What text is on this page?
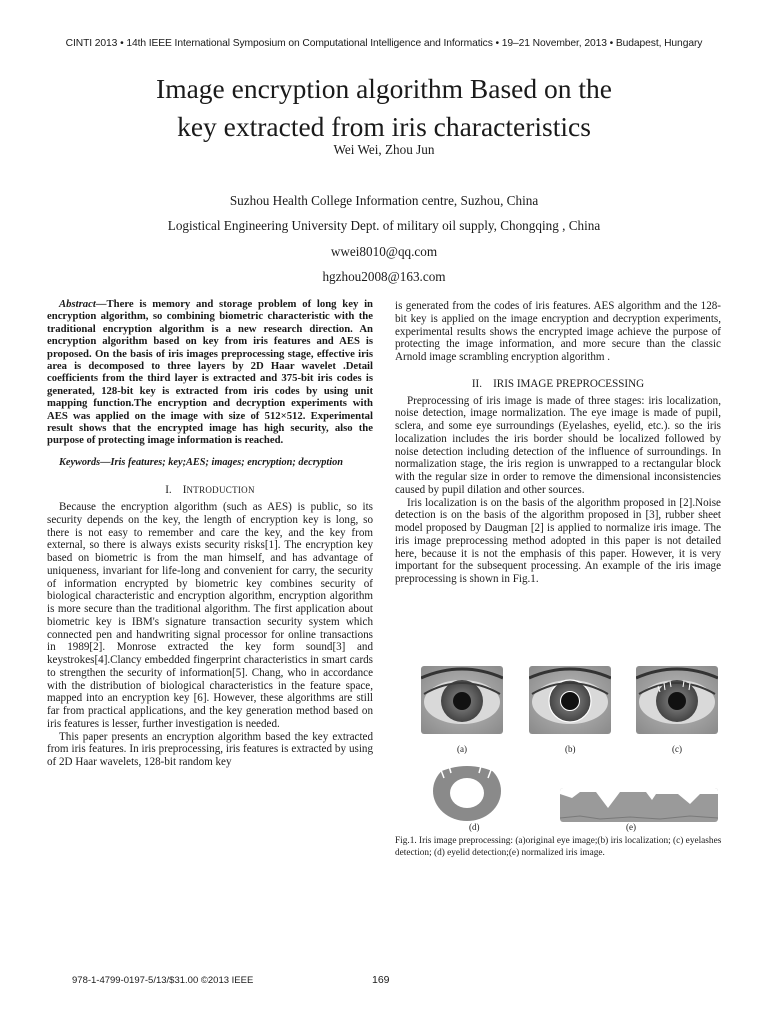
CINTI 2013 • 14th IEEE International Symposium on Computational Intelligence and Informatics • 19–21 November, 2013 • Budapest, Hungary
Image encryption algorithm Based on the
key extracted from iris characteristics
Wei Wei, Zhou Jun
Suzhou Health College Information centre, Suzhou, China
Logistical Engineering University Dept. of military oil supply, Chongqing , China
wwei8010@qq.com
hgzhou2008@163.com

Abstract—There is memory and storage problem of long key in encryption algorithm, so combining biometric characteristic with the traditional encryption algorithm is a new research direction. An encryption algorithm based on key from iris features and AES is proposed. On the basis of iris images preprocessing stage, effective iris area is decomposed to three layers by 2D Haar wavelet .Detail coefficients from the third layer is extracted and 375-bit iris codes is generated, 128-bit key is extracted from iris codes by using unit mapping function.The encryption and decryption experiments with AES was applied on the image with size of 512×512. Experimental result shows that the encrypted image has high security, also the purpose of protecting image information is reached.

Keywords—Iris features; key;AES; images; encryption; decryption

I. INTRODUCTION

Because the encryption algorithm (such as AES) is public, so its security depends on the key, the length of encryption key is long, so there is not easy to remember and care the key, and the key from external, so there is always exists security risks[1]. The encryption key based on biometric is from the man himself, and has advantage of uniqueness, invariant for life-long and convenient for carry, the security of information encrypted by biometric key combines security of biological characteristic and encryption algorithm, encryption algorithm is more secure than the traditional algorithm. The first application about biometric key is IBM's signature transaction security system which connected pen and handwriting signal processor for online transactions in 1989[2]. Monrose extracted the key form sound[3] and keystrokes[4].Clancy embedded fingerprint characteristics in smart cards to strengthen the security of information[5]. Chang, who in accordance with the distribution of biological characteristics in the feature space, mapped into an encryption key [6]. However, these algorithms are still far from practical applications, and the key generation method based on iris features is lesser, further investigation is needed.

This paper presents an encryption algorithm based the key extracted from iris features. In iris preprocessing, iris features is extracted by using of 2D Haar wavelets, 128-bit random key

is generated from the codes of iris features. AES algorithm and the 128-bit key is applied on the image encryption and decryption experiments, experimental results shows the encrypted image achieve the purpose of protecting the image information, and more secure than the classic Arnold image scrambling encryption algorithm .

II. IRIS IMAGE PREPROCESSING

Preprocessing of iris image is made of three stages: iris localization, noise detection, image normalization. The eye image is made of pupil, sclera, and some eye surroundings (Eyelashes, eyelid, etc.). so the iris localization includes the iris border should be localized followed by noise detection including detection of the influence of surroundings. In normalization stage, the iris region is unwrapped to a rectangular block with the regular size in order to remove the dimensional inconsistencies caused by pupil dilation and other sources.

Iris localization is on the basis of the algorithm proposed in [2].Noise detection is on the basis of the algorithm proposed in [3], rubber sheet model proposed by Daugman [2] is applied to normalize iris image. The iris image preprocessing method adopted in this paper is not detailed here, because it is not the emphasis of this paper. However, it is very important for the subsequent processing. An example of the iris image preprocessing is shown in Fig.1.

(a)	(b)	(c)
(d)	(e)
Fig.1. Iris image preprocessing: (a)original eye image;(b) iris localization; (c) eyelashes detection; (d) eyelid detection;(e) normalized iris image.
978-1-4799-0197-5/13/$31.00 ©2013 IEEE	169
